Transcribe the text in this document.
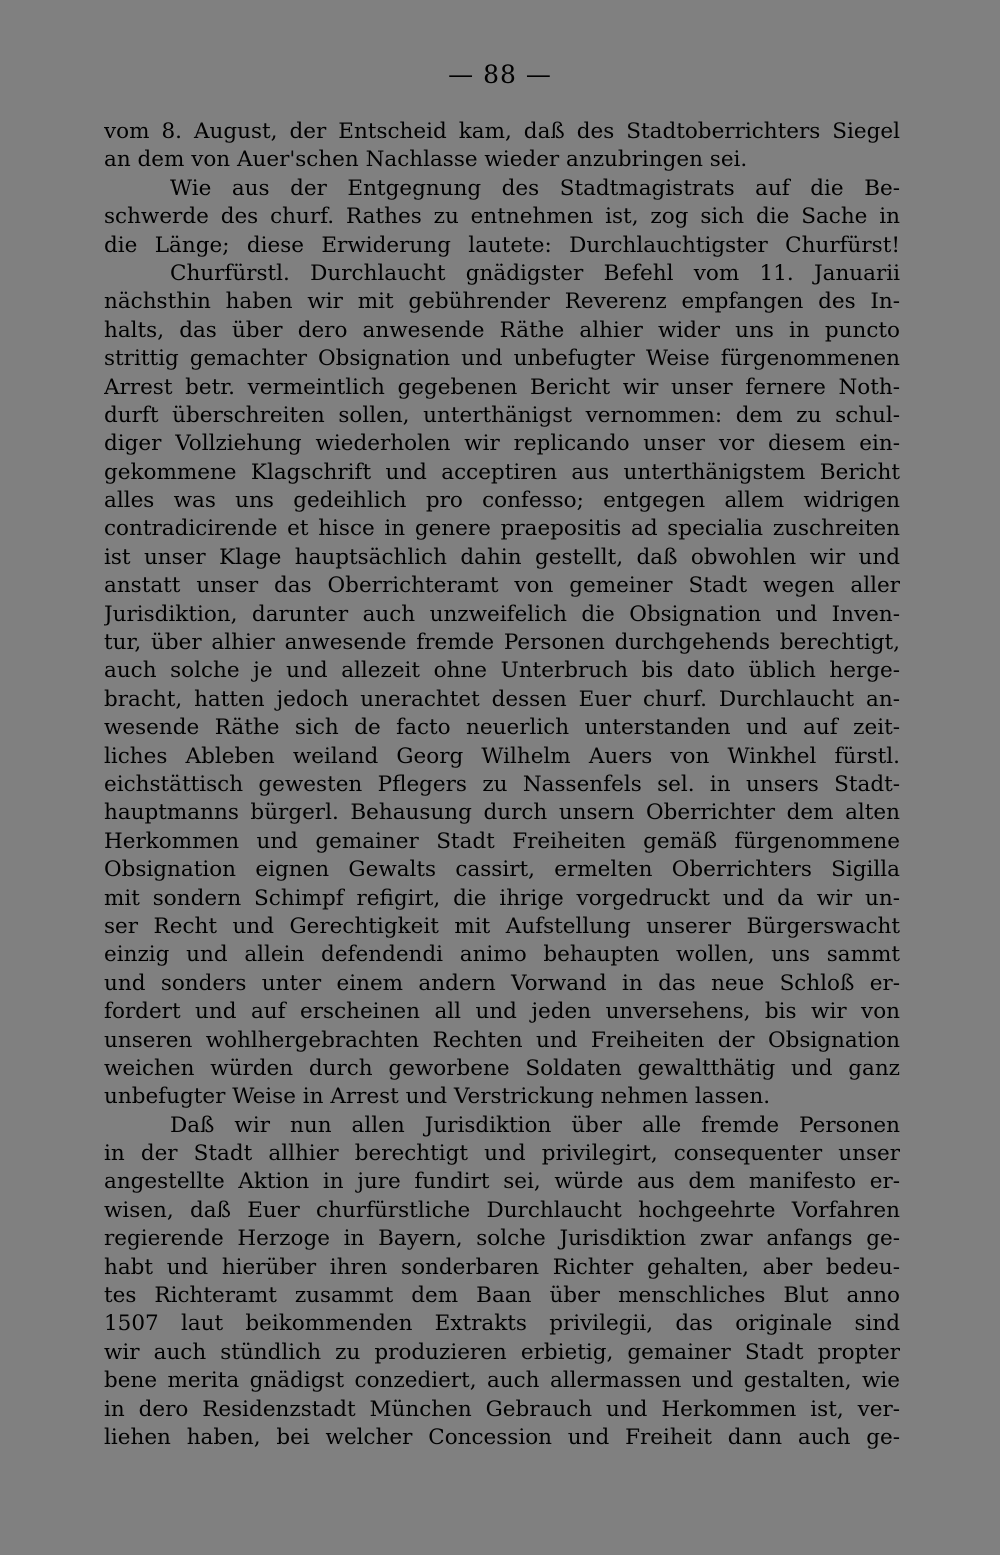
— 88 —
vom 8. August, der Entscheid kam, daß des Stadtoberrichters Siegel
an dem von Auer'schen Nachlasse wieder anzubringen sei.
Wie aus der Entgegnung des Stadtmagistrats auf die Be-
schwerde des churf. Rathes zu entnehmen ist, zog sich die Sache in
die Länge; diese Erwiderung lautete: Durchlauchtigster Churfürst!
Churfürstl. Durchlaucht gnädigster Befehl vom 11. Januarii
nächsthin haben wir mit gebührender Reverenz empfangen des In-
halts, das über dero anwesende Räthe alhier wider uns in puncto
strittig gemachter Obsignation und unbefugter Weise fürgenommenen
Arrest betr. vermeintlich gegebenen Bericht wir unser fernere Noth-
durft überschreiten sollen, unterthänigst vernommen: dem zu schul-
diger Vollziehung wiederholen wir replicando unser vor diesem ein-
gekommene Klagschrift und acceptiren aus unterthänigstem Bericht
alles was uns gedeihlich pro confesso; entgegen allem widrigen
contradicirende et hisce in genere praepositis ad specialia zuschreiten
ist unser Klage hauptsächlich dahin gestellt, daß obwohlen wir und
anstatt unser das Oberrichteramt von gemeiner Stadt wegen aller
Jurisdiktion, darunter auch unzweifelich die Obsignation und Inven-
tur, über alhier anwesende fremde Personen durchgehends berechtigt,
auch solche je und allezeit ohne Unterbruch bis dato üblich herge-
bracht, hatten jedoch unerachtet dessen Euer churf. Durchlaucht an-
wesende Räthe sich de facto neuerlich unterstanden und auf zeit-
liches Ableben weiland Georg Wilhelm Auers von Winkhel fürstl.
eichstättisch gewesten Pflegers zu Nassenfels sel. in unsers Stadt-
hauptmanns bürgerl. Behausung durch unsern Oberrichter dem alten
Herkommen und gemainer Stadt Freiheiten gemäß fürgenommene
Obsignation eignen Gewalts cassirt, ermelten Oberrichters Sigilla
mit sondern Schimpf refigirt, die ihrige vorgedruckt und da wir un-
ser Recht und Gerechtigkeit mit Aufstellung unserer Bürgerswacht
einzig und allein defendendi animo behaupten wollen, uns sammt
und sonders unter einem andern Vorwand in das neue Schloß er-
fordert und auf erscheinen all und jeden unversehens, bis wir von
unseren wohlhergebrachten Rechten und Freiheiten der Obsignation
weichen würden durch geworbene Soldaten gewaltthätig und ganz
unbefugter Weise in Arrest und Verstrickung nehmen lassen.
Daß wir nun allen Jurisdiktion über alle fremde Personen
in der Stadt allhier berechtigt und privilegirt, consequenter unser
angestellte Aktion in jure fundirt sei, würde aus dem manifesto er-
wisen, daß Euer churfürstliche Durchlaucht hochgeehrte Vorfahren
regierende Herzoge in Bayern, solche Jurisdiktion zwar anfangs ge-
habt und hierüber ihren sonderbaren Richter gehalten, aber bedeu-
tes Richteramt zusammt dem Baan über menschliches Blut anno
1507 laut beikommenden Extrakts privilegii, das originale sind
wir auch stündlich zu produzieren erbietig, gemainer Stadt propter
bene merita gnädigst conzediert, auch allermassen und gestalten, wie
in dero Residenzstadt München Gebrauch und Herkommen ist, ver-
liehen haben, bei welcher Concession und Freiheit dann auch ge-
